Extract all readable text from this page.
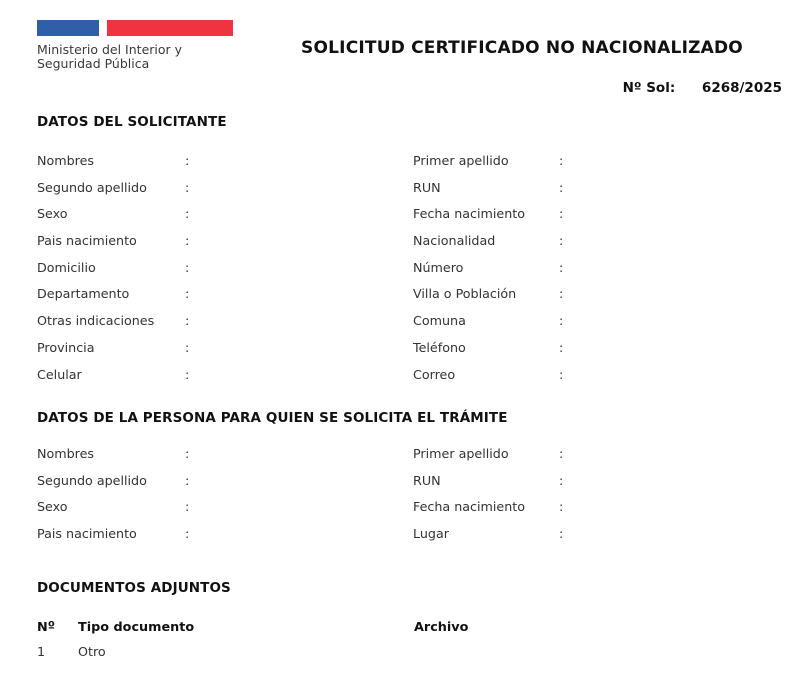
Ministerio del Interior y
Seguridad Pública
SOLICITUD CERTIFICADO NO NACIONALIZADO
Nº Sol: 6268/2025
DATOS DEL SOLICITANTE
Nombres	:	Primer apellido	:
Segundo apellido	:	RUN	:
Sexo	:	Fecha nacimiento	:
Pais nacimiento	:	Nacionalidad	:
Domicilio	:	Número	:
Departamento	:	Villa o Población	:
Otras indicaciones	:	Comuna	:
Provincia	:	Teléfono	:
Celular	:	Correo	:
DATOS DE LA PERSONA PARA QUIEN SE SOLICITA EL TRÁMITE
Nombres	:	Primer apellido	:
Segundo apellido	:	RUN	:
Sexo	:	Fecha nacimiento	:
Pais nacimiento	:	Lugar	:
DOCUMENTOS ADJUNTOS
Nº	Tipo documento	Archivo
1	Otro
